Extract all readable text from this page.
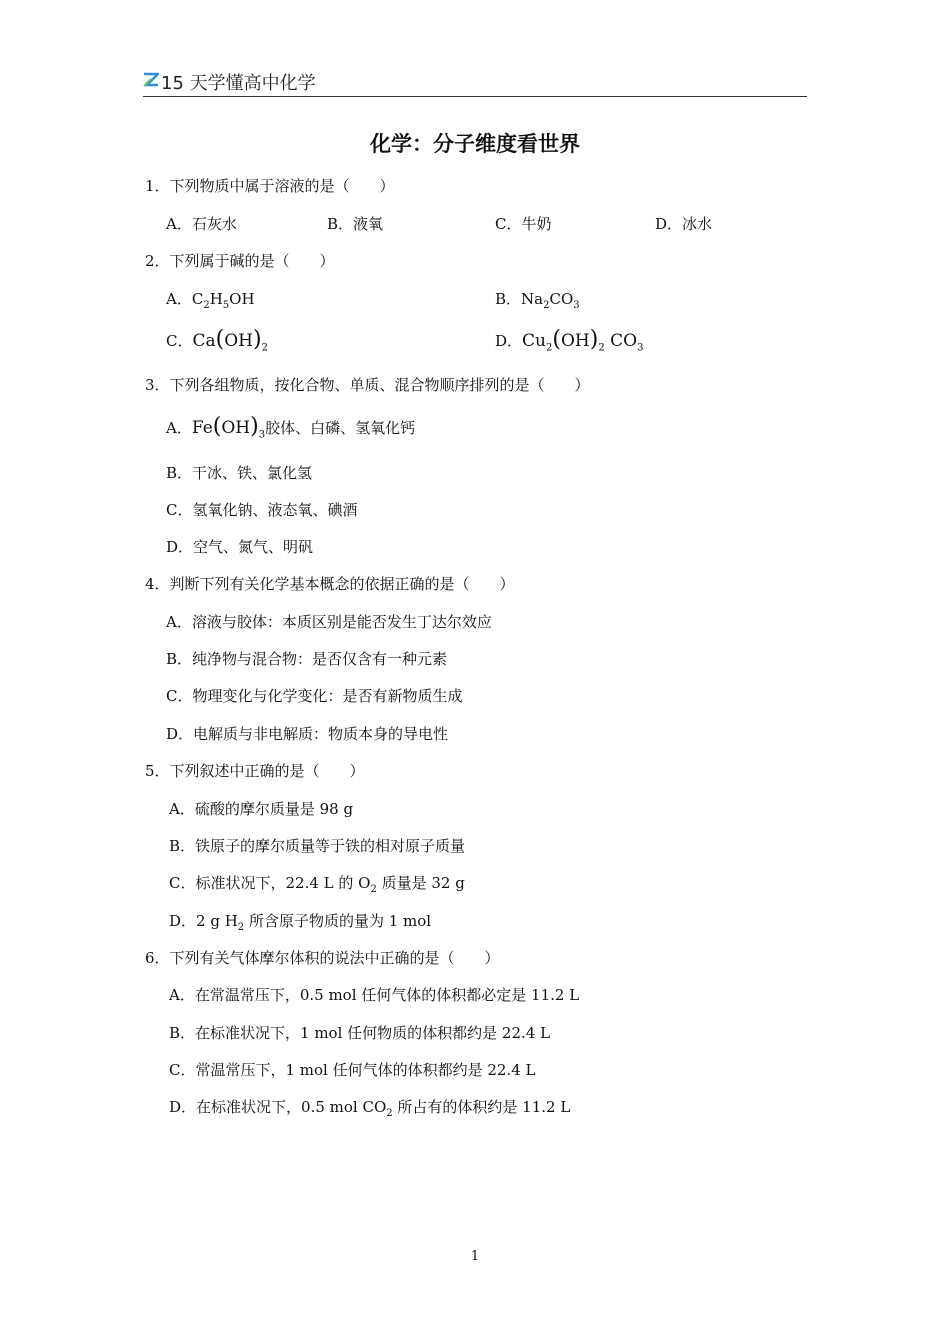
15 天学懂高中化学
化学：分子维度看世界
1．下列物质中属于溶液的是（　　）
A．石灰水	B．液氧	C．牛奶	D．冰水
2．下列属于碱的是（　　）
A．$C_2H_5OH$	B．$Na_2CO_3$
C．$Ca(OH)_2$	D．$Cu_2(OH)_2$ $CO_3$
3．下列各组物质，按化合物、单质、混合物顺序排列的是（　　）
A．$Fe(OH)_3$胶体、白磷、氢氧化钙
B．干冰、铁、氯化氢
C．氢氧化钠、液态氧、碘酒
D．空气、氮气、明矾
4．判断下列有关化学基本概念的依据正确的是（　　）
A．溶液与胶体：本质区别是能否发生丁达尔效应
B．纯净物与混合物：是否仅含有一种元素
C．物理变化与化学变化：是否有新物质生成
D．电解质与非电解质：物质本身的导电性
5．下列叙述中正确的是（　　）
A．硫酸的摩尔质量是 98 g
B．铁原子的摩尔质量等于铁的相对原子质量
C．标准状况下，22.4 L 的 $O_2$ 质量是 32 g
D．2 g $H_2$ 所含原子物质的量为 1 mol
6．下列有关气体摩尔体积的说法中正确的是（　　）
A．在常温常压下，0.5 mol 任何气体的体积都必定是 11.2 L
B．在标准状况下，1 mol 任何物质的体积都约是 22.4 L
C．常温常压下，1 mol 任何气体的体积都约是 22.4 L
D．在标准状况下，0.5 mol $CO_2$ 所占有的体积约是 11.2 L
1
